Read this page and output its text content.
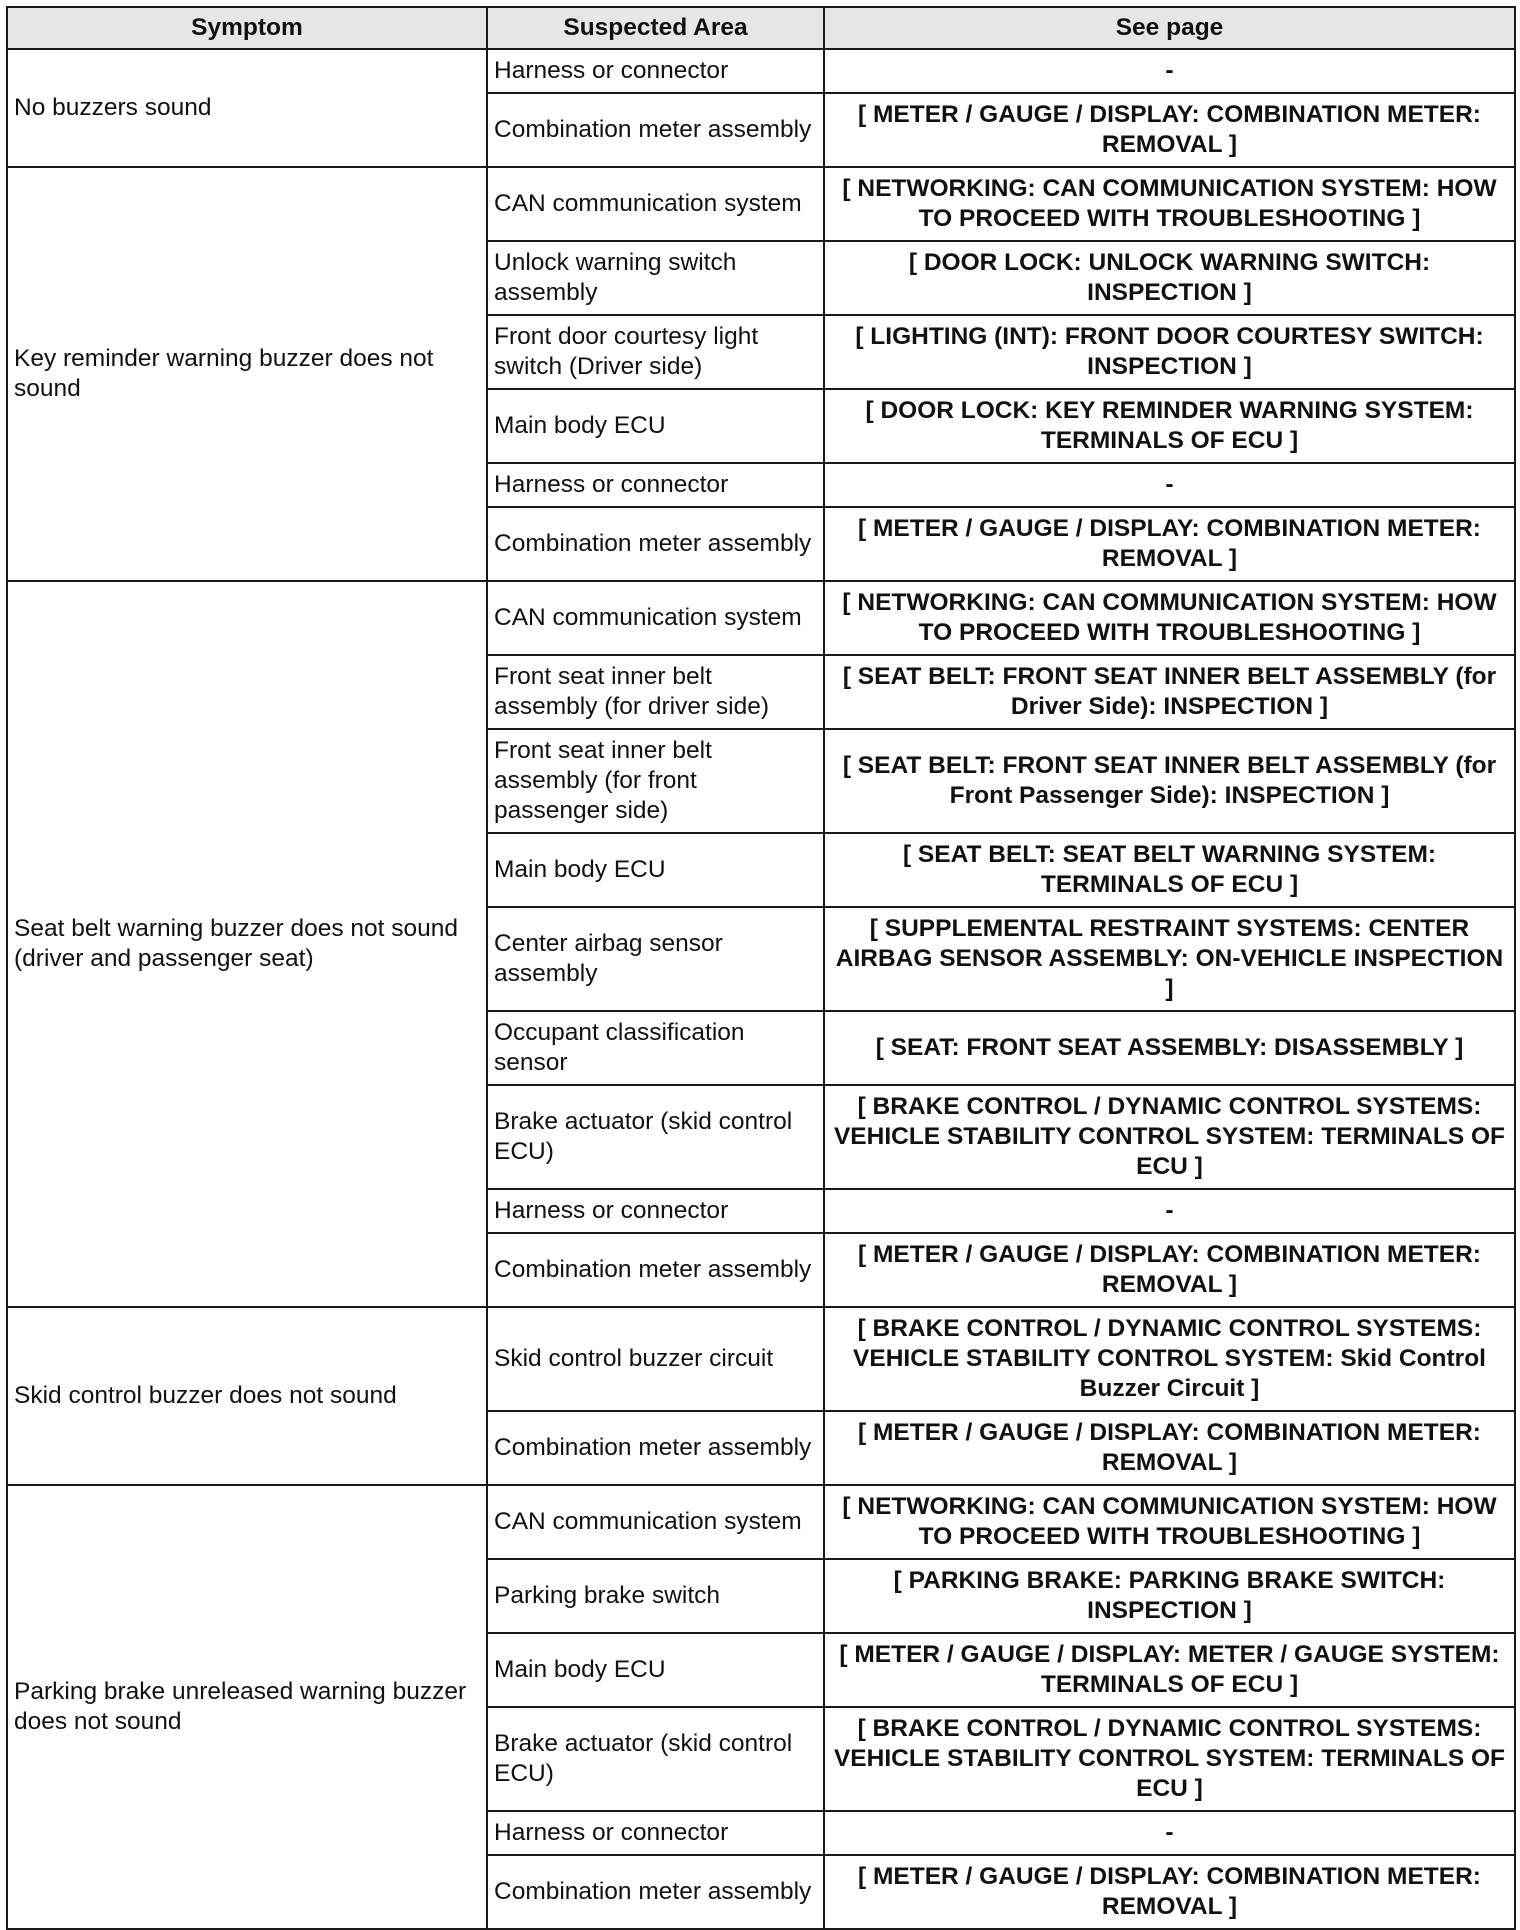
Symptom	Suspected Area	See page
No buzzers sound	Harness or connector	-
	Combination meter assembly	[ METER / GAUGE / DISPLAY: COMBINATION METER: REMOVAL ]
Key reminder warning buzzer does not sound	CAN communication system	[ NETWORKING: CAN COMMUNICATION SYSTEM: HOW TO PROCEED WITH TROUBLESHOOTING ]
	Unlock warning switch assembly	[ DOOR LOCK: UNLOCK WARNING SWITCH: INSPECTION ]
	Front door courtesy light switch (Driver side)	[ LIGHTING (INT): FRONT DOOR COURTESY SWITCH: INSPECTION ]
	Main body ECU	[ DOOR LOCK: KEY REMINDER WARNING SYSTEM: TERMINALS OF ECU ]
	Harness or connector	-
	Combination meter assembly	[ METER / GAUGE / DISPLAY: COMBINATION METER: REMOVAL ]
Seat belt warning buzzer does not sound (driver and passenger seat)	CAN communication system	[ NETWORKING: CAN COMMUNICATION SYSTEM: HOW TO PROCEED WITH TROUBLESHOOTING ]
	Front seat inner belt assembly (for driver side)	[ SEAT BELT: FRONT SEAT INNER BELT ASSEMBLY (for Driver Side): INSPECTION ]
	Front seat inner belt assembly (for front passenger side)	[ SEAT BELT: FRONT SEAT INNER BELT ASSEMBLY (for Front Passenger Side): INSPECTION ]
	Main body ECU	[ SEAT BELT: SEAT BELT WARNING SYSTEM: TERMINALS OF ECU ]
	Center airbag sensor assembly	[ SUPPLEMENTAL RESTRAINT SYSTEMS: CENTER AIRBAG SENSOR ASSEMBLY: ON-VEHICLE INSPECTION ]
	Occupant classification sensor	[ SEAT: FRONT SEAT ASSEMBLY: DISASSEMBLY ]
	Brake actuator (skid control ECU)	[ BRAKE CONTROL / DYNAMIC CONTROL SYSTEMS: VEHICLE STABILITY CONTROL SYSTEM: TERMINALS OF ECU ]
	Harness or connector	-
	Combination meter assembly	[ METER / GAUGE / DISPLAY: COMBINATION METER: REMOVAL ]
Skid control buzzer does not sound	Skid control buzzer circuit	[ BRAKE CONTROL / DYNAMIC CONTROL SYSTEMS: VEHICLE STABILITY CONTROL SYSTEM: Skid Control Buzzer Circuit ]
	Combination meter assembly	[ METER / GAUGE / DISPLAY: COMBINATION METER: REMOVAL ]
Parking brake unreleased warning buzzer does not sound	CAN communication system	[ NETWORKING: CAN COMMUNICATION SYSTEM: HOW TO PROCEED WITH TROUBLESHOOTING ]
	Parking brake switch	[ PARKING BRAKE: PARKING BRAKE SWITCH: INSPECTION ]
	Main body ECU	[ METER / GAUGE / DISPLAY: METER / GAUGE SYSTEM: TERMINALS OF ECU ]
	Brake actuator (skid control ECU)	[ BRAKE CONTROL / DYNAMIC CONTROL SYSTEMS: VEHICLE STABILITY CONTROL SYSTEM: TERMINALS OF ECU ]
	Harness or connector	-
	Combination meter assembly	[ METER / GAUGE / DISPLAY: COMBINATION METER: REMOVAL ]
